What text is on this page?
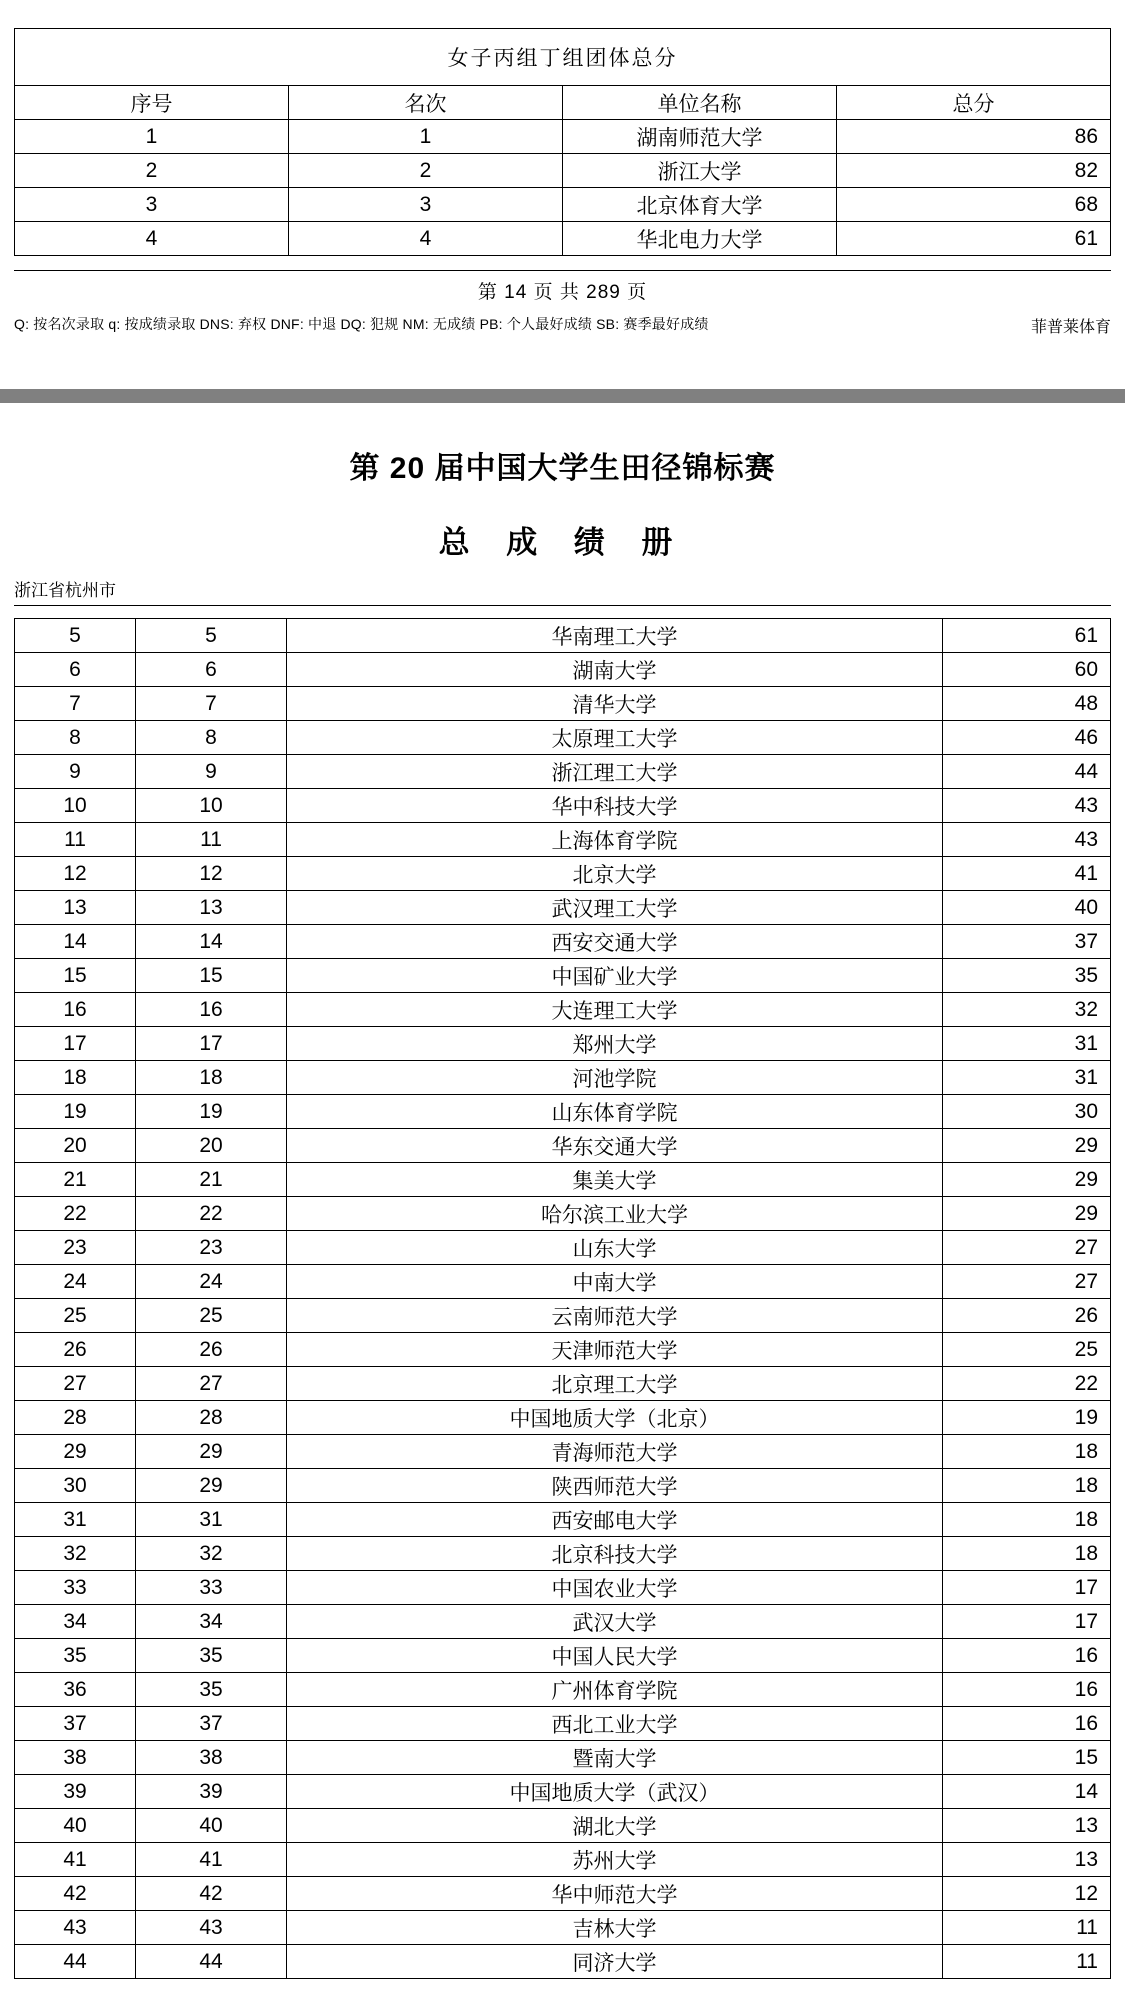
女子丙组丁组团体总分			
序号	名次	单位名称	总分
1	1	湖南师范大学	86
2	2	浙江大学	82
3	3	北京体育大学	68
4	4	华北电力大学	61
第 14 页 共 289 页
Q: 按名次录取 q: 按成绩录取 DNS: 弃权 DNF: 中退 DQ: 犯规 NM: 无成绩 PB: 个人最好成绩 SB: 赛季最好成绩	菲普莱体育
第 20 届中国大学生田径锦标赛
总 成 绩 册
浙江省杭州市
5	5	华南理工大学	61
6	6	湖南大学	60
7	7	清华大学	48
8	8	太原理工大学	46
9	9	浙江理工大学	44
10	10	华中科技大学	43
11	11	上海体育学院	43
12	12	北京大学	41
13	13	武汉理工大学	40
14	14	西安交通大学	37
15	15	中国矿业大学	35
16	16	大连理工大学	32
17	17	郑州大学	31
18	18	河池学院	31
19	19	山东体育学院	30
20	20	华东交通大学	29
21	21	集美大学	29
22	22	哈尔滨工业大学	29
23	23	山东大学	27
24	24	中南大学	27
25	25	云南师范大学	26
26	26	天津师范大学	25
27	27	北京理工大学	22
28	28	中国地质大学（北京）	19
29	29	青海师范大学	18
30	29	陕西师范大学	18
31	31	西安邮电大学	18
32	32	北京科技大学	18
33	33	中国农业大学	17
34	34	武汉大学	17
35	35	中国人民大学	16
36	35	广州体育学院	16
37	37	西北工业大学	16
38	38	暨南大学	15
39	39	中国地质大学（武汉）	14
40	40	湖北大学	13
41	41	苏州大学	13
42	42	华中师范大学	12
43	43	吉林大学	11
44	44	同济大学	11
